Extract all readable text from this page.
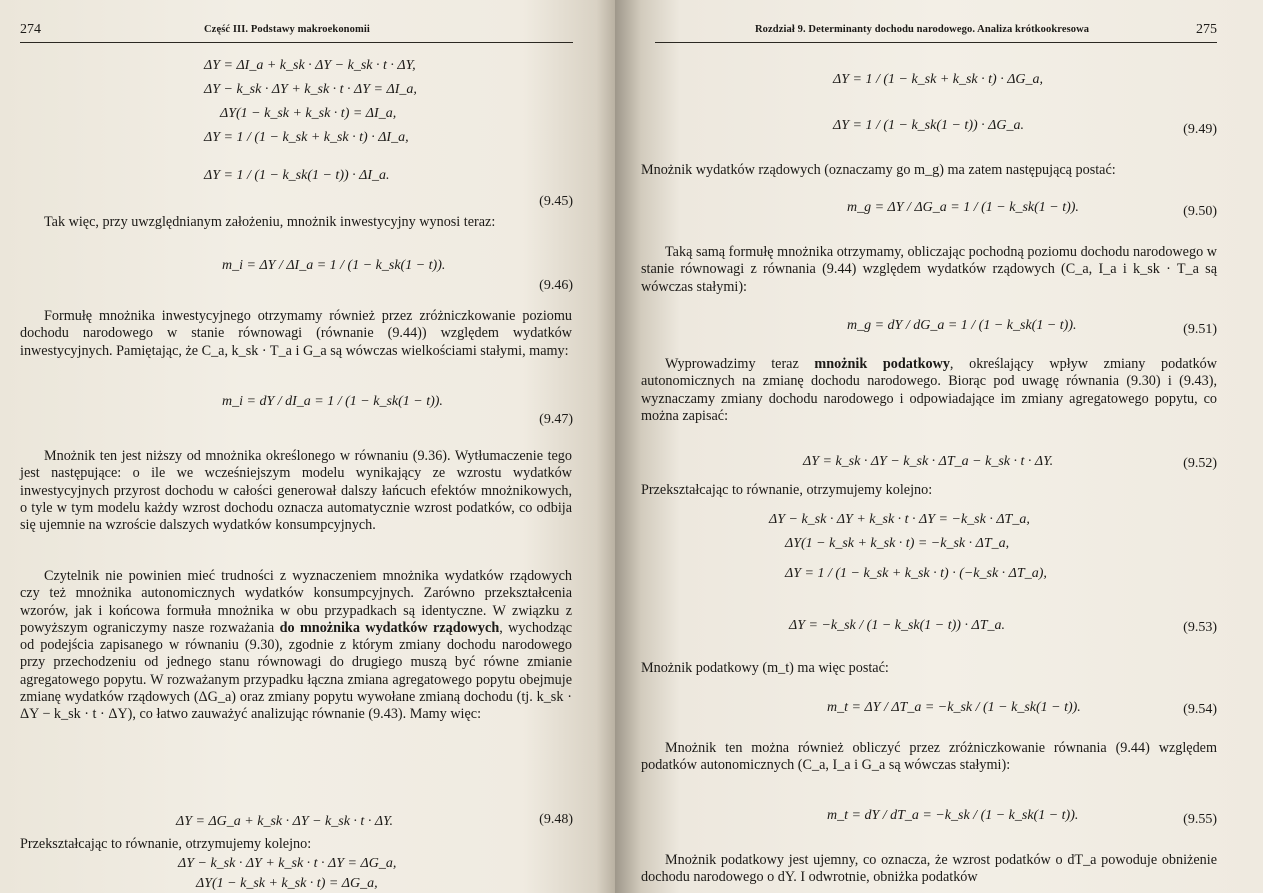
274	Część III. Podstawy makroekonomii
ΔY = ΔI_a + k_sk · ΔY − k_sk · t · ΔY,
ΔY − k_sk · ΔY + k_sk · t · ΔY = ΔI_a,
ΔY(1 − k_sk + k_sk · t) = ΔI_a,
ΔY = 1 / (1 − k_sk + k_sk · t) · ΔI_a,
ΔY = 1 / (1 − k_sk(1 − t)) · ΔI_a.
(9.45)
Tak więc, przy uwzględnianym założeniu, mnożnik inwestycyjny wynosi teraz:
m_i = ΔY / ΔI_a = 1 / (1 − k_sk(1 − t)).
(9.46)
Formułę mnożnika inwestycyjnego otrzymamy również przez zróżniczkowanie poziomu dochodu narodowego w stanie równowagi (równanie (9.44)) względem wydatków inwestycyjnych. Pamiętając, że C_a, k_sk · T_a i G_a są wówczas wielkościami stałymi, mamy:
m_i = dY / dI_a = 1 / (1 − k_sk(1 − t)).
(9.47)
Mnożnik ten jest niższy od mnożnika określonego w równaniu (9.36). Wytłumaczenie tego jest następujące: o ile we wcześniejszym modelu wynikający ze wzrostu wydatków inwestycyjnych przyrost dochodu w całości generował dalszy łańcuch efektów mnożnikowych, o tyle w tym modelu każdy wzrost dochodu oznacza automatycznie wzrost podatków, co odbija się ujemnie na wzroście dalszych wydatków konsumpcyjnych.
Czytelnik nie powinien mieć trudności z wyznaczeniem mnożnika wydatków rządowych czy też mnożnika autonomicznych wydatków konsumpcyjnych. Zarówno przekształcenia wzorów, jak i końcowa formuła mnożnika w obu przypadkach są identyczne. W związku z powyższym ograniczymy nasze rozważania do mnożnika wydatków rządowych, wychodząc od podejścia zapisanego w równaniu (9.30), zgodnie z którym zmiany dochodu narodowego przy przechodzeniu od jednego stanu równowagi do drugiego muszą być równe zmianie agregatowego popytu. W rozważanym przypadku łączna zmiana agregatowego popytu obejmuje zmianę wydatków rządowych (ΔG_a) oraz zmiany popytu wywołane zmianą dochodu (tj. k_sk · ΔY − k_sk · t · ΔY), co łatwo zauważyć analizując równanie (9.43). Mamy więc:
ΔY = ΔG_a + k_sk · ΔY − k_sk · t · ΔY.	(9.48)
Przekształcając to równanie, otrzymujemy kolejno:
ΔY − k_sk · ΔY + k_sk · t · ΔY = ΔG_a,
ΔY(1 − k_sk + k_sk · t) = ΔG_a,
Rozdział 9. Determinanty dochodu narodowego. Analiza krótkookresowa	275
ΔY = 1 / (1 − k_sk + k_sk · t) · ΔG_a,
ΔY = 1 / (1 − k_sk(1 − t)) · ΔG_a.	(9.49)
Mnożnik wydatków rządowych (oznaczamy go m_g) ma zatem następującą postać:
m_g = ΔY / ΔG_a = 1 / (1 − k_sk(1 − t)).	(9.50)
Taką samą formułę mnożnika otrzymamy, obliczając pochodną poziomu dochodu narodowego w stanie równowagi z równania (9.44) względem wydatków rządowych (C_a, I_a i k_sk · T_a są wówczas stałymi):
m_g = dY / dG_a = 1 / (1 − k_sk(1 − t)).	(9.51)
Wyprowadzimy teraz mnożnik podatkowy, określający wpływ zmiany podatków autonomicznych na zmianę dochodu narodowego. Biorąc pod uwagę równania (9.30) i (9.43), wyznaczamy zmiany dochodu narodowego i odpowiadające im zmiany agregatowego popytu, co można zapisać:
ΔY = k_sk · ΔY − k_sk · ΔT_a − k_sk · t · ΔY.	(9.52)
Przekształcając to równanie, otrzymujemy kolejno:
ΔY − k_sk · ΔY + k_sk · t · ΔY = −k_sk · ΔT_a,
ΔY(1 − k_sk + k_sk · t) = −k_sk · ΔT_a,
ΔY = 1 / (1 − k_sk + k_sk · t) · (−k_sk · ΔT_a),
ΔY = −k_sk / (1 − k_sk(1 − t)) · ΔT_a.	(9.53)
Mnożnik podatkowy (m_t) ma więc postać:
m_t = ΔY / ΔT_a = −k_sk / (1 − k_sk(1 − t)).	(9.54)
Mnożnik ten można również obliczyć przez zróżniczkowanie równania (9.44) względem podatków autonomicznych (C_a, I_a i G_a są wówczas stałymi):
m_t = dY / dT_a = −k_sk / (1 − k_sk(1 − t)).	(9.55)
Mnożnik podatkowy jest ujemny, co oznacza, że wzrost podatków o dT_a powoduje obniżenie dochodu narodowego o dY. I odwrotnie, obniżka podatków
